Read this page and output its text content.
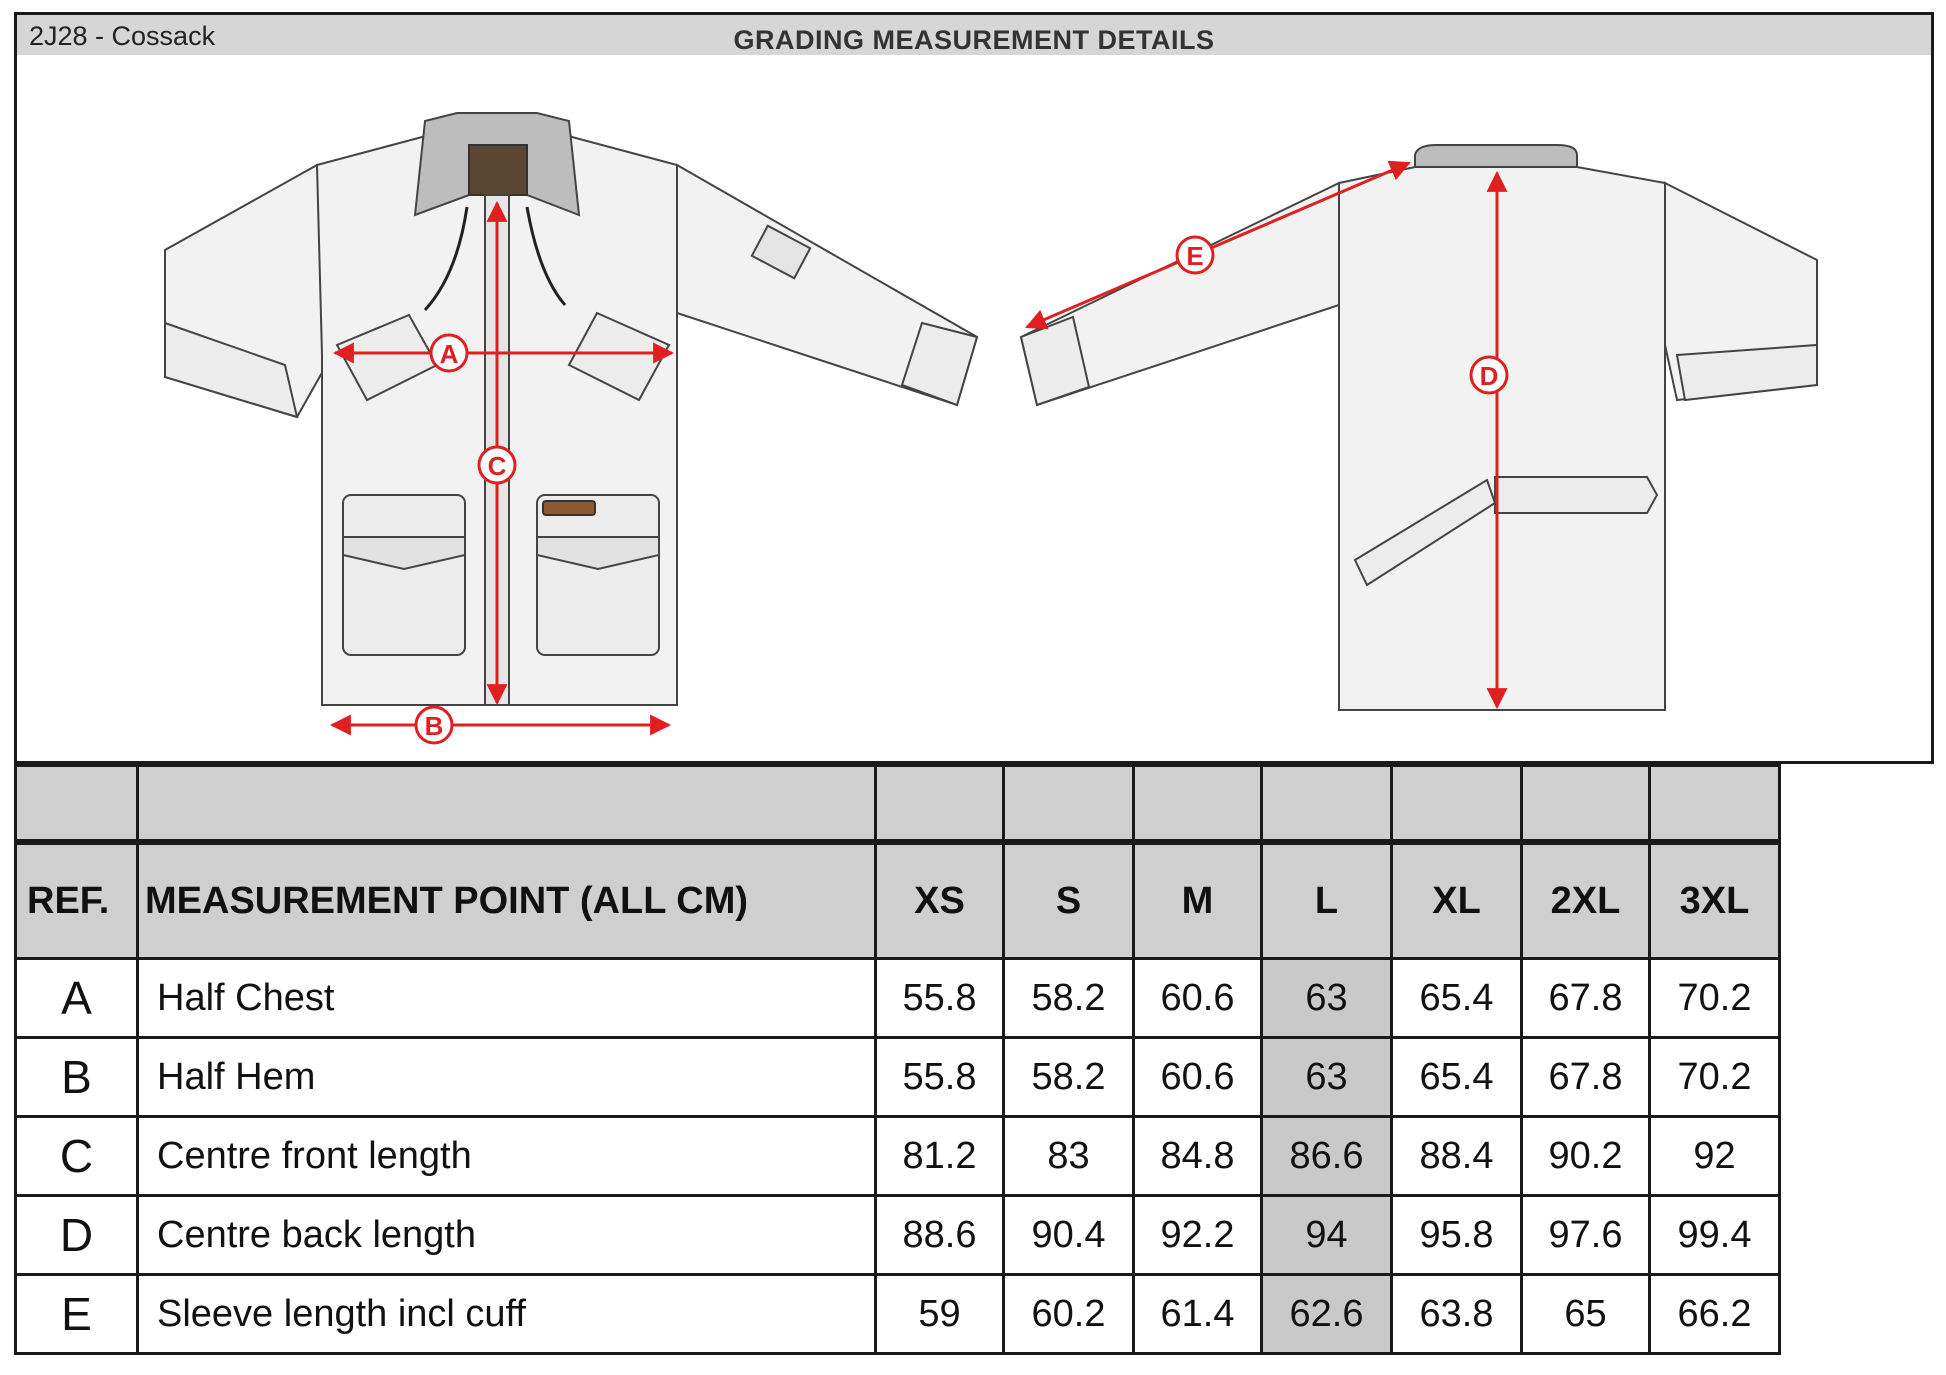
2J28 - Cossack	GRADING MEASUREMENT DETAILS
A
B
C
D
E

REF.	MEASUREMENT POINT (ALL CM)	XS	S	M	L	XL	2XL	3XL
A	Half Chest	55.8	58.2	60.6	63	65.4	67.8	70.2
B	Half Hem	55.8	58.2	60.6	63	65.4	67.8	70.2
C	Centre front length	81.2	83	84.8	86.6	88.4	90.2	92
D	Centre back length	88.6	90.4	92.2	94	95.8	97.6	99.4
E	Sleeve length incl cuff	59	60.2	61.4	62.6	63.8	65	66.2
